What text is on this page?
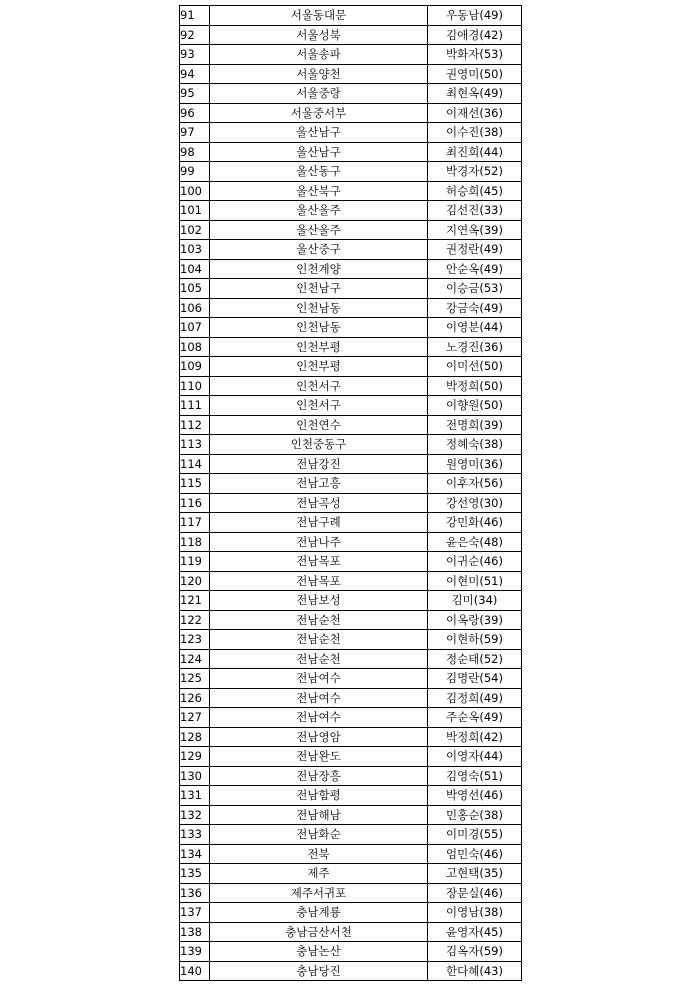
91	서울동대문	우동남(49)
92	서울성북	김애경(42)
93	서울송파	박화자(53)
94	서울양천	권영미(50)
95	서울중랑	최현옥(49)
96	서울중서부	이재선(36)
97	울산남구	이수진(38)
98	울산남구	최진희(44)
99	울산동구	박경자(52)
100	울산북구	허승희(45)
101	울산울주	김선진(33)
102	울산울주	지연옥(39)
103	울산중구	권정란(49)
104	인천계양	안순옥(49)
105	인천남구	이승금(53)
106	인천남동	강금숙(49)
107	인천남동	이영분(44)
108	인천부평	노경진(36)
109	인천부평	이미선(50)
110	인천서구	박정희(50)
111	인천서구	이향원(50)
112	인천연수	전명희(39)
113	인천중동구	정혜숙(38)
114	전남강진	원영미(36)
115	전남고흥	이후자(56)
116	전남곡성	강선영(30)
117	전남구례	강민화(46)
118	전남나주	윤은숙(48)
119	전남목포	이귀순(46)
120	전남목포	이현미(51)
121	전남보성	김미(34)
122	전남순천	이옥랑(39)
123	전남순천	이현하(59)
124	전남순천	정순태(52)
125	전남여수	김명란(54)
126	전남여수	김정희(49)
127	전남여수	주순옥(49)
128	전남영암	박정희(42)
129	전남완도	이영자(44)
130	전남장흥	김영숙(51)
131	전남함평	박영선(46)
132	전남해남	민홍순(38)
133	전남화순	이미경(55)
134	전북	엄민숙(46)
135	제주	고현택(35)
136	제주서귀포	장문실(46)
137	충남계룡	이영남(38)
138	충남금산서천	윤영자(45)
139	충남논산	김옥자(59)
140	충남당진	한다혜(43)
